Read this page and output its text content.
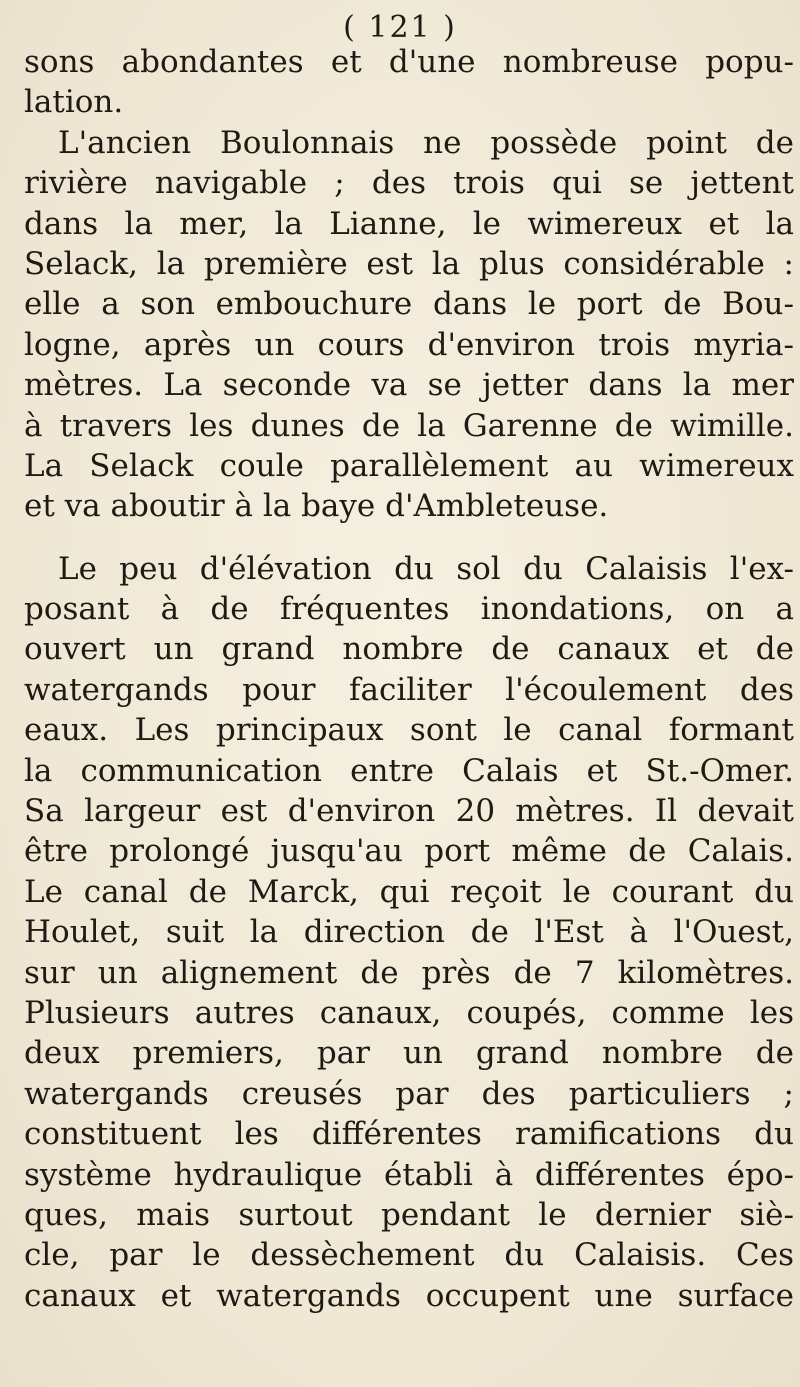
( 121 )
sons abondantes et d'une nombreuse popu-
lation.
L'ancien Boulonnais ne possède point de
rivière navigable ; des trois qui se jettent
dans la mer, la Lianne, le wimereux et la
Selack, la première est la plus considérable :
elle a son embouchure dans le port de Bou-
logne, après un cours d'environ trois myria-
mètres. La seconde va se jetter dans la mer
à travers les dunes de la Garenne de wimille.
La Selack coule parallèlement au wimereux
et va aboutir à la baye d'Ambleteuse.
Le peu d'élévation du sol du Calaisis l'ex-
posant à de fréquentes inondations, on a
ouvert un grand nombre de canaux et de
watergands pour faciliter l'écoulement des
eaux. Les principaux sont le canal formant
la communication entre Calais et St.-Omer.
Sa largeur est d'environ 20 mètres. Il devait
être prolongé jusqu'au port même de Calais.
Le canal de Marck, qui reçoit le courant du
Houlet, suit la direction de l'Est à l'Ouest,
sur un alignement de près de 7 kilomètres.
Plusieurs autres canaux, coupés, comme les
deux premiers, par un grand nombre de
watergands creusés par des particuliers ;
constituent les différentes ramifications du
système hydraulique établi à différentes épo-
ques, mais surtout pendant le dernier siè-
cle, par le dessèchement du Calaisis. Ces
canaux et watergands occupent une surface
